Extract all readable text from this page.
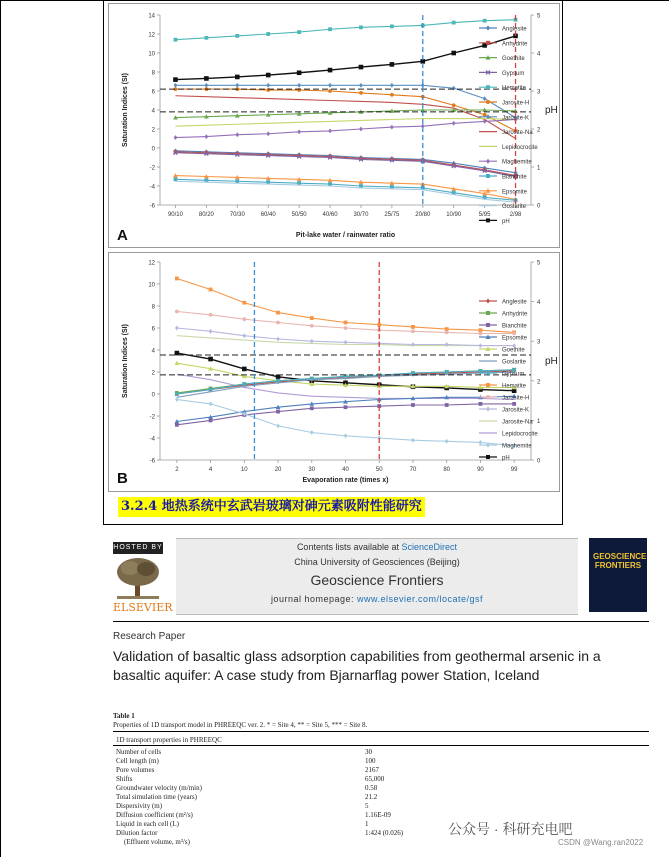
14
12
10
8
6
4
2
0
-2
-4
-6
5
4
3
2
1
0
90/10	80/20	70/30	60/40	50/50	40/60	30/70	25/75	20/80	10/90	5/95	2/98
Saturation Indices (SI)	pH
Pit-lake water / rainwater ratio
A
Anglesite
Anhydrite
Goethite
Gypsum
Hematite
Jarosite-H
Jarosite-K
Jarosite-Na
Lepidocrocite
Maghemite
Bianchite
Epsomite
Goslarite
pH
12
10
8
6
4
2
0
-2
-4
-6
5
4
3
2
1
0
2	4	10	20	30	40	50	70	80	90	99
Saturation Indices (SI)	pH
Evaporation rate (times x)
B
Anglesite
Anhydrite
Bianchite
Epsomite
Goethite
Goslarite
Gypsum
Hematite
Jarosite-H
Jarosite-K
Jarosite-Na
Lepidocrocite
Maghemite
pH
3.2.4 地热系统中玄武岩玻璃对砷元素吸附性能研究
HOSTED BY
ELSEVIER
Contents lists available at ScienceDirect
China University of Geosciences (Beijing)
Geoscience Frontiers
journal homepage: www.elsevier.com/locate/gsf
GEOSCIENCE FRONTIERS
Research Paper
Validation of basaltic glass adsorption capabilities from geothermal arsenic in a basaltic aquifer: A case study from Bjarnarflag power Station, Iceland
Table 1
Properties of 1D transport model in PHREEQC ver. 2. * = Site 4, ** = Site 5, *** = Site 8.
1D transport properties in PHREEQC
Number of cells	30
Cell length (m)	100
Pore volumes	2167
Shifts	65,000
Groundwater velocity (m/min)	0.58
Total simulation time (years)	21.2
Dispersivity (m)	5
Diffusion coefficient (m²/s)	1.16E-09
Liquid in each cell (L)	1
Dilution factor	1:424 (0.026)
(Effluent volume, m³/s)
公众号 · 科研充电吧
CSDN @Wang.ran2022
